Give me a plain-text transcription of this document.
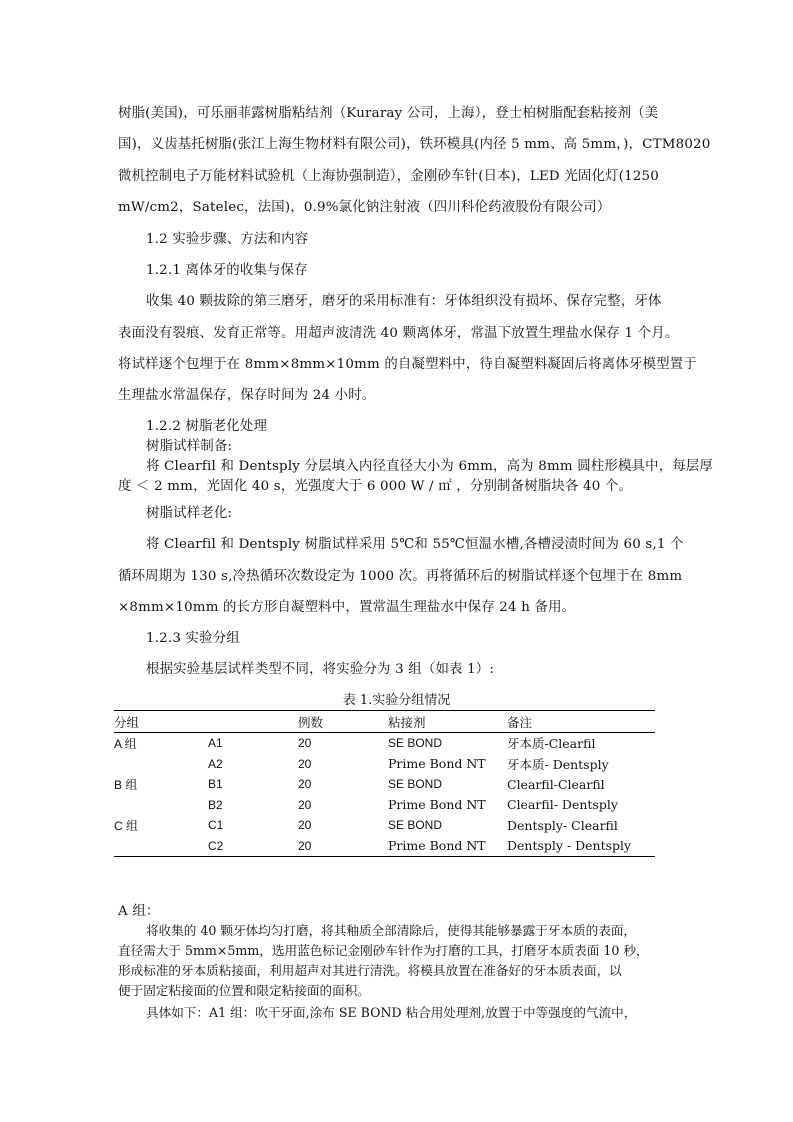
树脂(美国)，可乐丽菲露树脂粘结剂（Kuraray 公司，上海），登士柏树脂配套粘接剂（美
国)，义齿基托树脂(张江上海生物材料有限公司)，铁环模具(内径 5 mm、高 5mm，)，CTM8020
微机控制电子万能材料试验机（上海协强制造），金刚砂车针(日本)，LED 光固化灯(1250
mW/cm2，Satelec，法国)，0.9%氯化钠注射液（四川科伦药液股份有限公司）
1.2 实验步骤、方法和内容
1.2.1 离体牙的收集与保存
收集 40 颗拔除的第三磨牙，磨牙的采用标准有：牙体组织没有损坏、保存完整，牙体
表面没有裂痕、发育正常等。用超声波清洗 40 颗离体牙，常温下放置生理盐水保存 1 个月。
将试样逐个包埋于在 8mm×8mm×10mm 的自凝塑料中，待自凝塑料凝固后将离体牙模型置于
生理盐水常温保存，保存时间为 24 小时。
1.2.2 树脂老化处理
树脂试样制备:
将 Clearfil 和 Dentsply 分层填入内径直径大小为 6mm，高为 8mm 圆柱形模具中，每层厚
度 ＜ 2 mm，光固化 40 s，光强度大于 6 000 W / ㎡ ，分别制备树脂块各 40 个。
树脂试样老化:
将 Clearfil 和 Dentsply 树脂试样采用 5℃和 55℃恒温水槽,各槽浸渍时间为 60 s,1 个
循环周期为 130 s,冷热循环次数设定为 1000 次。再将循环后的树脂试样逐个包埋于在 8mm
×8mm×10mm 的长方形自凝塑料中，置常温生理盐水中保存 24 h 备用。
1.2.3 实验分组
根据实验基层试样类型不同，将实验分为 3 组（如表 1）:
表 1.实验分组情况
分组		例数	粘接剂	备注
A 组	A1	20	SE BOND	牙本质-Clearfil
	A2	20	Prime Bond NT	牙本质- Dentsply
B 组	B1	20	SE BOND	Clearfil-Clearfil
	B2	20	Prime Bond NT	Clearfil- Dentsply
C 组	C1	20	SE BOND	Dentsply- Clearfil
	C2	20	Prime Bond NT	Dentsply - Dentsply
A 组：
将收集的 40 颗牙体均匀打磨，将其釉质全部清除后，使得其能够暴露于牙本质的表面，
直径需大于 5mm×5mm，选用蓝色标记金刚砂车针作为打磨的工具，打磨牙本质表面 10 秒，
形成标准的牙本质粘接面，利用超声对其进行清洗。将模具放置在准备好的牙本质表面，以
便于固定粘接面的位置和限定粘接面的面积。
具体如下：A1 组：吹干牙面,涂布 SE BOND 粘合用处理剂,放置于中等强度的气流中，
